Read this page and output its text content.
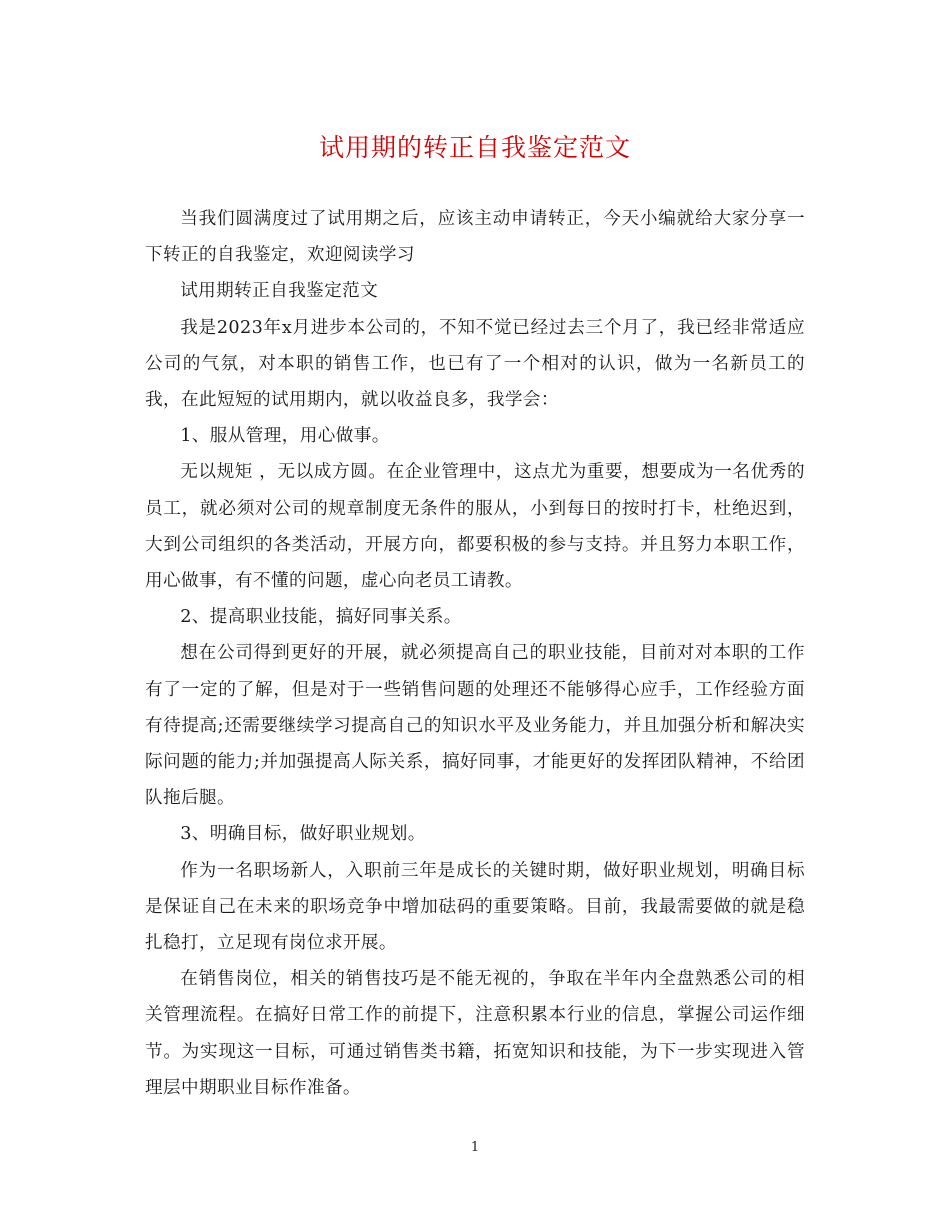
试用期的转正自我鉴定范文

当我们圆满度过了试用期之后，应该主动申请转正，今天小编就给大家分享一下转正的自我鉴定，欢迎阅读学习

试用期转正自我鉴定范文

我是2023年x月进步本公司的，不知不觉已经过去三个月了，我已经非常适应公司的气氛，对本职的销售工作，也已有了一个相对的认识，做为一名新员工的我，在此短短的试用期内，就以收益良多，我学会：

1、服从管理，用心做事。

无以规矩 ，无以成方圆。在企业管理中，这点尤为重要，想要成为一名优秀的员工，就必须对公司的规章制度无条件的服从，小到每日的按时打卡，杜绝迟到，大到公司组织的各类活动，开展方向，都要积极的参与支持。并且努力本职工作，用心做事，有不懂的问题，虚心向老员工请教。

2、提高职业技能，搞好同事关系。

想在公司得到更好的开展，就必须提高自己的职业技能，目前对对本职的工作有了一定的了解，但是对于一些销售问题的处理还不能够得心应手，工作经验方面有待提高;还需要继续学习提高自己的知识水平及业务能力，并且加强分析和解决实际问题的能力;并加强提高人际关系，搞好同事，才能更好的发挥团队精神，不给团队拖后腿。

3、明确目标，做好职业规划。

作为一名职场新人，入职前三年是成长的关键时期，做好职业规划，明确目标是保证自己在未来的职场竞争中增加砝码的重要策略。目前，我最需要做的就是稳扎稳打，立足现有岗位求开展。

在销售岗位，相关的销售技巧是不能无视的，争取在半年内全盘熟悉公司的相关管理流程。在搞好日常工作的前提下，注意积累本行业的信息，掌握公司运作细节。为实现这一目标，可通过销售类书籍，拓宽知识和技能，为下一步实现进入管理层中期职业目标作准备。

1
